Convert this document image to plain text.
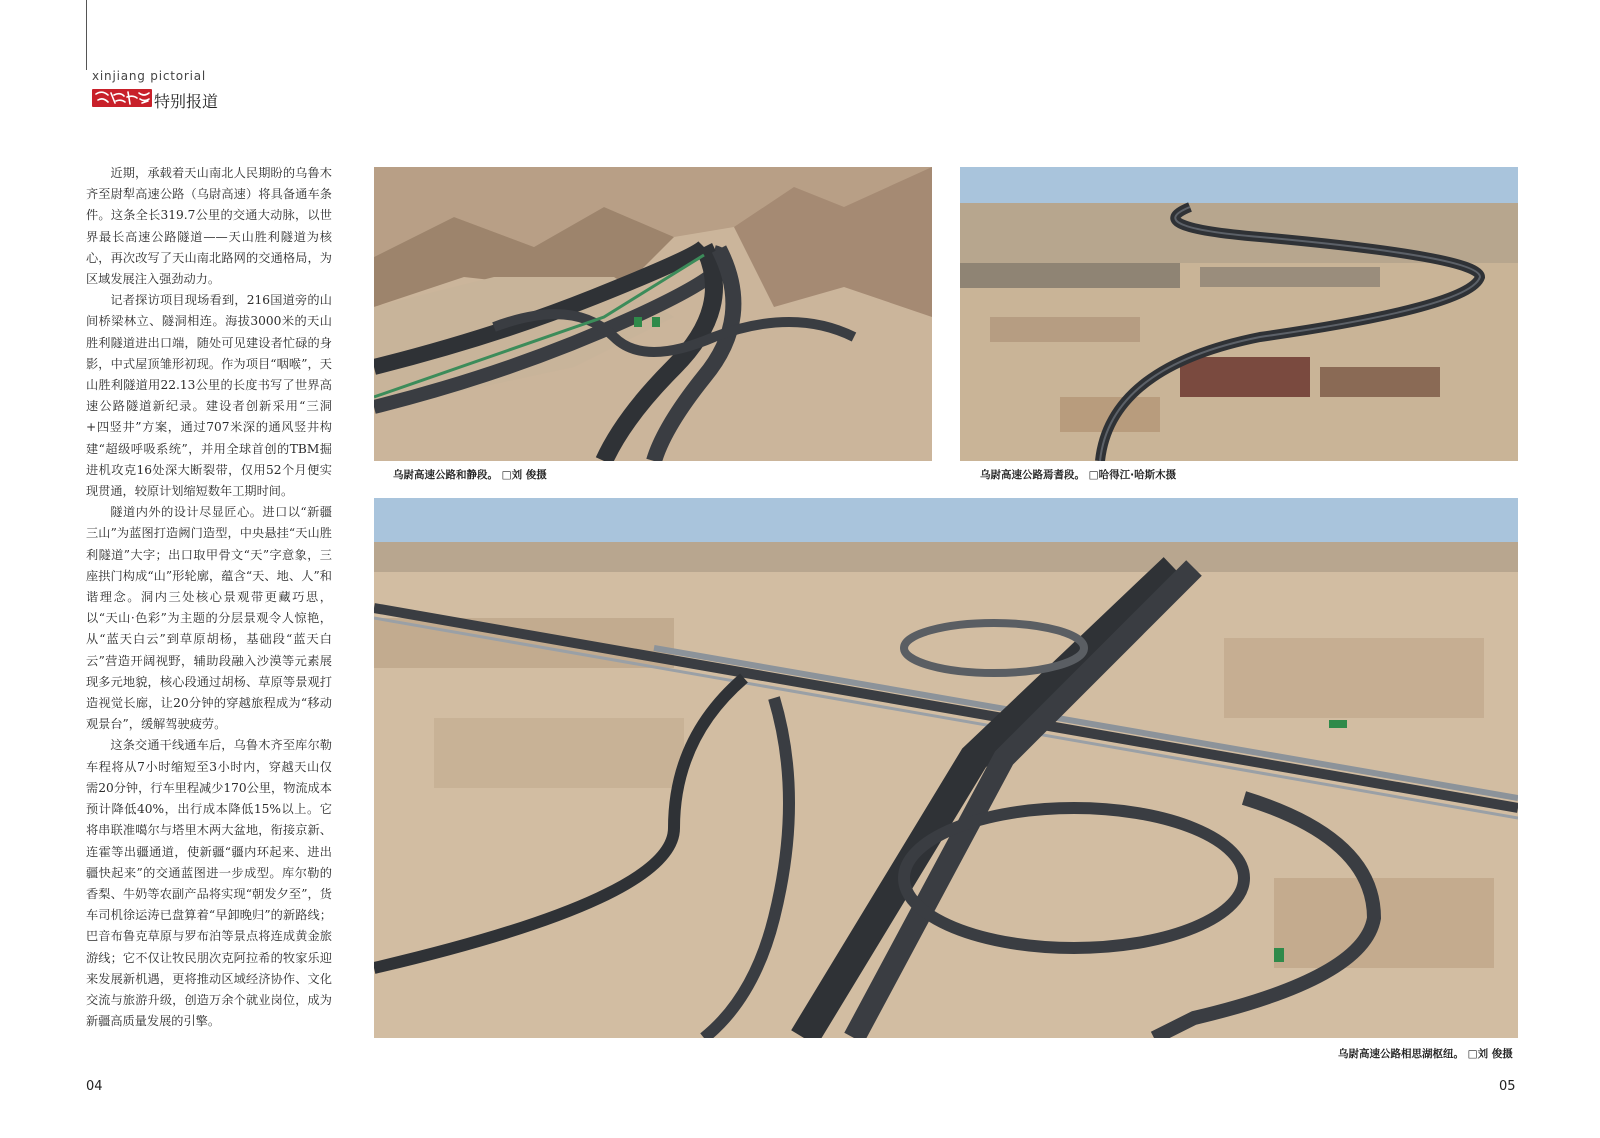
xinjiang pictorial
特别报道

近期，承载着天山南北人民期盼的乌鲁木齐至尉犁高速公路（乌尉高速）将具备通车条件。这条全长319.7公里的交通大动脉，以世界最长高速公路隧道——天山胜利隧道为核心，再次改写了天山南北路网的交通格局，为区域发展注入强劲动力。

记者探访项目现场看到，216国道旁的山间桥梁林立、隧洞相连。海拔3000米的天山胜利隧道进出口端，随处可见建设者忙碌的身影，中式屋顶雏形初现。作为项目“咽喉”，天山胜利隧道用22.13公里的长度书写了世界高速公路隧道新纪录。建设者创新采用“三洞+四竖井”方案，通过707米深的通风竖井构建“超级呼吸系统”，并用全球首创的TBM掘进机攻克16处深大断裂带，仅用52个月便实现贯通，较原计划缩短数年工期时间。

隧道内外的设计尽显匠心。进口以“新疆三山”为蓝图打造阙门造型，中央悬挂“天山胜利隧道”大字；出口取甲骨文“天”字意象，三座拱门构成“山”形轮廓，蕴含“天、地、人”和谐理念。洞内三处核心景观带更藏巧思，以“天山·色彩”为主题的分层景观令人惊艳，从“蓝天白云”到草原胡杨，基础段“蓝天白云”营造开阔视野，辅助段融入沙漠等元素展现多元地貌，核心段通过胡杨、草原等景观打造视觉长廊，让20分钟的穿越旅程成为“移动观景台”，缓解驾驶疲劳。

这条交通干线通车后，乌鲁木齐至库尔勒车程将从7小时缩短至3小时内，穿越天山仅需20分钟，行车里程减少170公里，物流成本预计降低40%，出行成本降低15%以上。它将串联准噶尔与塔里木两大盆地，衔接京新、连霍等出疆通道，使新疆“疆内环起来、进出疆快起来”的交通蓝图进一步成型。库尔勒的香梨、牛奶等农副产品将实现“朝发夕至”，货车司机徐运涛已盘算着“早卸晚归”的新路线；巴音布鲁克草原与罗布泊等景点将连成黄金旅游线；它不仅让牧民朋次克阿拉希的牧家乐迎来发展新机遇，更将推动区域经济协作、文化交流与旅游升级，创造万余个就业岗位，成为新疆高质量发展的引擎。

乌尉高速公路和静段。 □刘 俊摄	乌尉高速公路焉耆段。 □哈得江·哈斯木摄
乌尉高速公路相思湖枢纽。 □刘 俊摄
04	05
